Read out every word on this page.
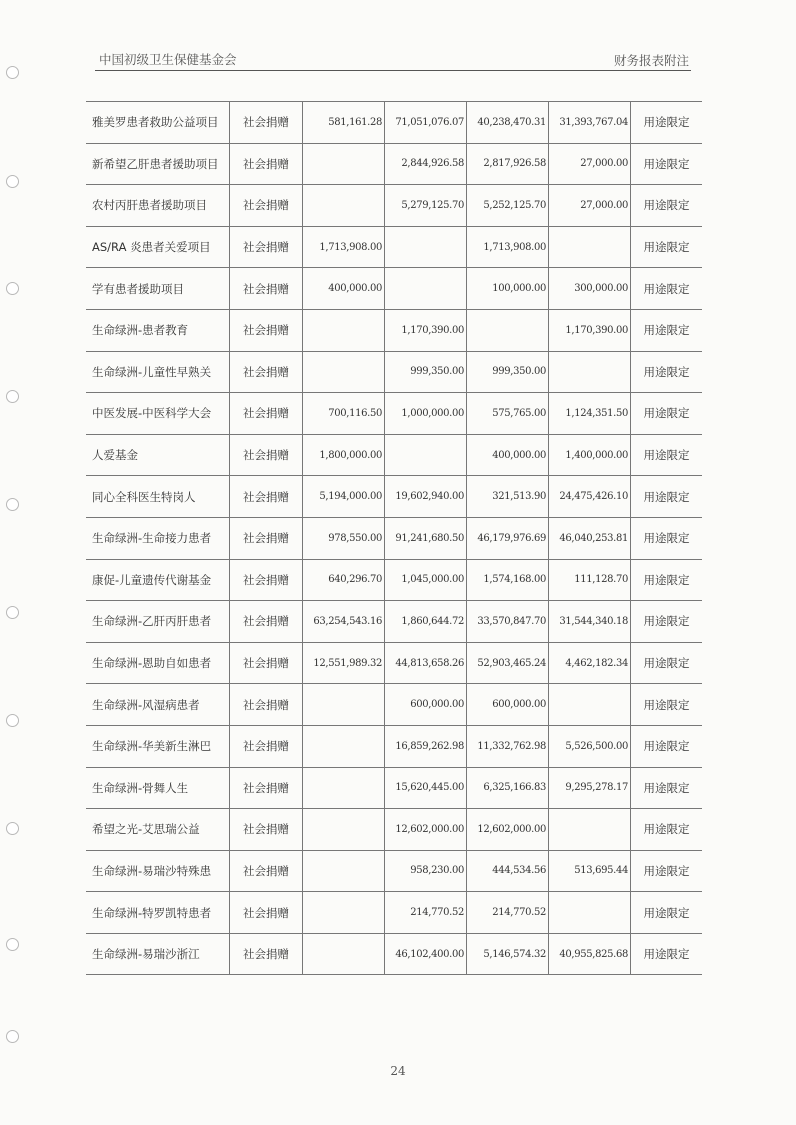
中国初级卫生保健基金会	财务报表附注
雅美罗患者救助公益项目	社会捐赠	581,161.28	71,051,076.07	40,238,470.31	31,393,767.04	用途限定
新希望乙肝患者援助项目	社会捐赠		2,844,926.58	2,817,926.58	27,000.00	用途限定
农村丙肝患者援助项目	社会捐赠		5,279,125.70	5,252,125.70	27,000.00	用途限定
AS/RA 炎患者关爱项目	社会捐赠	1,713,908.00		1,713,908.00		用途限定
学有患者援助项目	社会捐赠	400,000.00		100,000.00	300,000.00	用途限定
生命绿洲-患者教育	社会捐赠		1,170,390.00		1,170,390.00	用途限定
生命绿洲-儿童性早熟关	社会捐赠		999,350.00	999,350.00		用途限定
中医发展-中医科学大会	社会捐赠	700,116.50	1,000,000.00	575,765.00	1,124,351.50	用途限定
人爱基金	社会捐赠	1,800,000.00		400,000.00	1,400,000.00	用途限定
同心全科医生特岗人	社会捐赠	5,194,000.00	19,602,940.00	321,513.90	24,475,426.10	用途限定
生命绿洲-生命接力患者	社会捐赠	978,550.00	91,241,680.50	46,179,976.69	46,040,253.81	用途限定
康促-儿童遗传代谢基金	社会捐赠	640,296.70	1,045,000.00	1,574,168.00	111,128.70	用途限定
生命绿洲-乙肝丙肝患者	社会捐赠	63,254,543.16	1,860,644.72	33,570,847.70	31,544,340.18	用途限定
生命绿洲-恩助自如患者	社会捐赠	12,551,989.32	44,813,658.26	52,903,465.24	4,462,182.34	用途限定
生命绿洲-风湿病患者	社会捐赠		600,000.00	600,000.00		用途限定
生命绿洲-华美新生淋巴	社会捐赠		16,859,262.98	11,332,762.98	5,526,500.00	用途限定
生命绿洲-骨舞人生	社会捐赠		15,620,445.00	6,325,166.83	9,295,278.17	用途限定
希望之光-艾思瑞公益	社会捐赠		12,602,000.00	12,602,000.00		用途限定
生命绿洲-易瑞沙特殊患	社会捐赠		958,230.00	444,534.56	513,695.44	用途限定
生命绿洲-特罗凯特患者	社会捐赠		214,770.52	214,770.52		用途限定
生命绿洲-易瑞沙浙江	社会捐赠		46,102,400.00	5,146,574.32	40,955,825.68	用途限定
24
